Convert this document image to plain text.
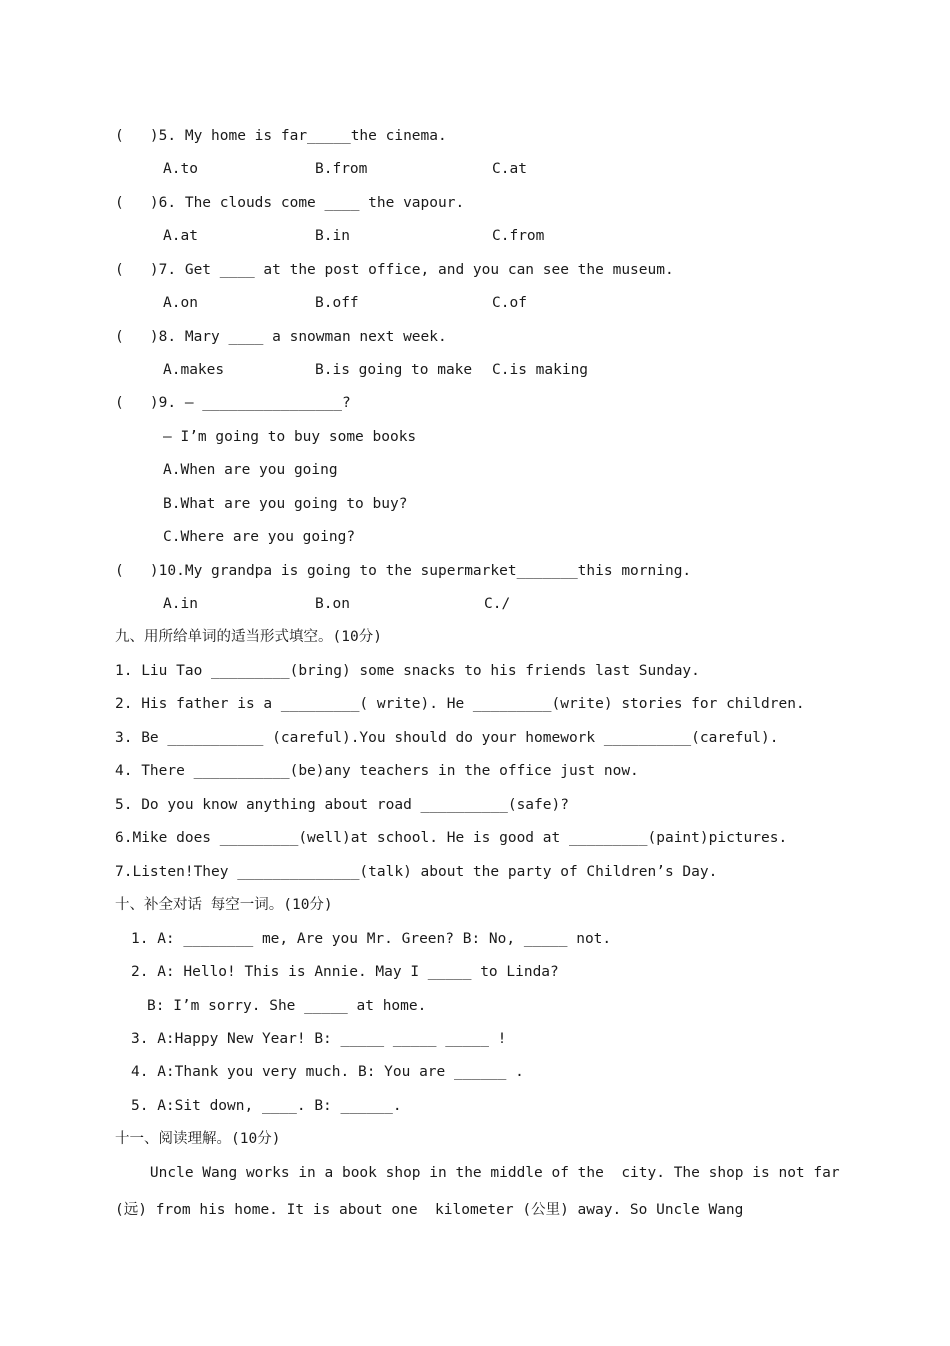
(   )5. My home is far_____the cinema.
A.to	B.from	C.at
(   )6. The clouds come ____ the vapour.
A.at	B.in	C.from
(   )7. Get ____ at the post office, and you can see the museum.
A.on	B.off	C.of
(   )8. Mary ____ a snowman next week.
A.makes	B.is going to make C.is making
(   )9. — ________________?
— I’m going to buy some books
A.When are you going
B.What are you going to buy?
C.Where are you going?
(   )10.My grandpa is going to the supermarket_______this morning.
A.in	B.on	C./
九、用所给单词的适当形式填空。(10分)
1. Liu Tao _________(bring) some snacks to his friends last Sunday.
2. His father is a _________( write). He _________(write) stories for children.
3. Be ___________ (careful).You should do your homework __________(careful).
4. There ___________(be)any teachers in the office just now.
5. Do you know anything about road __________(safe)?
6.Mike does _________(well)at school. He is good at _________(paint)pictures.
7.Listen!They ______________(talk) about the party of Children’s Day.
十、补全对话 每空一词。(10分)
1. A: ________ me, Are you Mr. Green? B: No, _____ not.
2. A: Hello! This is Annie. May I _____ to Linda?
B: I’m sorry. She _____ at home.
3. A:Happy New Year! B: _____ _____ _____ !
4. A:Thank you very much. B: You are ______ .
5. A:Sit down, ____. B: ______.
十一、阅读理解。(10分)
Uncle Wang works in a book shop in the middle of the  city. The shop is not far
(远) from his home. It is about one  kilometer (公里) away. So Uncle Wang
